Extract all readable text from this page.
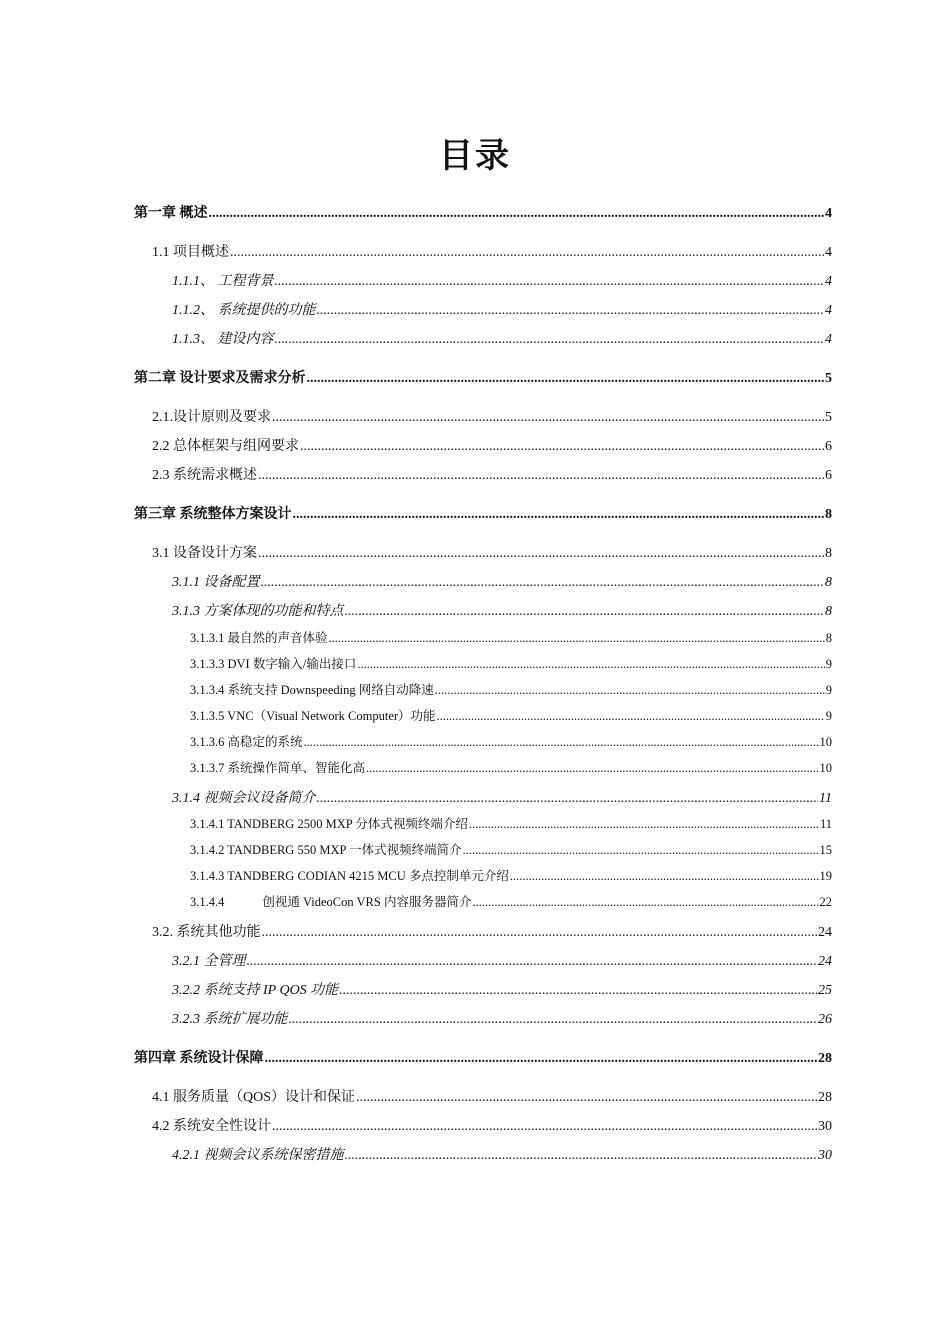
目录
第一章 概述 .....	4
1.1 项目概述 .....	4
1.1.1、 工程背景 .....	4
1.1.2、 系统提供的功能 .....	4
1.1.3、 建设内容 .....	4
第二章 设计要求及需求分析 .....	5
2.1.设计原则及要求 .....	5
2.2 总体框架与组网要求 .....	6
2.3 系统需求概述 .....	6
第三章 系统整体方案设计 .....	8
3.1 设备设计方案 .....	8
3.1.1 设备配置 .....	8
3.1.3 方案体现的功能和特点 .....	8
3.1.3.1 最自然的声音体验 .....	8
3.1.3.3 DVI 数字输入/输出接口 .....	9
3.1.3.4 系统支持 Downspeeding 网络自动降速 .....	9
3.1.3.5 VNC（Visual Network Computer）功能 .....	9
3.1.3.6 高稳定的系统 .....	10
3.1.3.7 系统操作简单、智能化高 .....	10
3.1.4 视频会议设备简介 .....	11
3.1.4.1 TANDBERG 2500 MXP 分体式视频终端介绍 .....	11
3.1.4.2 TANDBERG 550 MXP 一体式视频终端简介 .....	15
3.1.4.3 TANDBERG CODIAN 4215 MCU 多点控制单元介绍 .....	19
3.1.4.4	创视通 VideoCon VRS 内容服务器简介 .....	22
3.2. 系统其他功能 .....	24
3.2.1 全管理 .....	24
3.2.2 系统支持 IP QOS 功能 .....	25
3.2.3 系统扩展功能 .....	26
第四章 系统设计保障 .....	28
4.1 服务质量（QOS）设计和保证 .....	28
4.2 系统安全性设计 .....	30
4.2.1 视频会议系统保密措施 .....	30
